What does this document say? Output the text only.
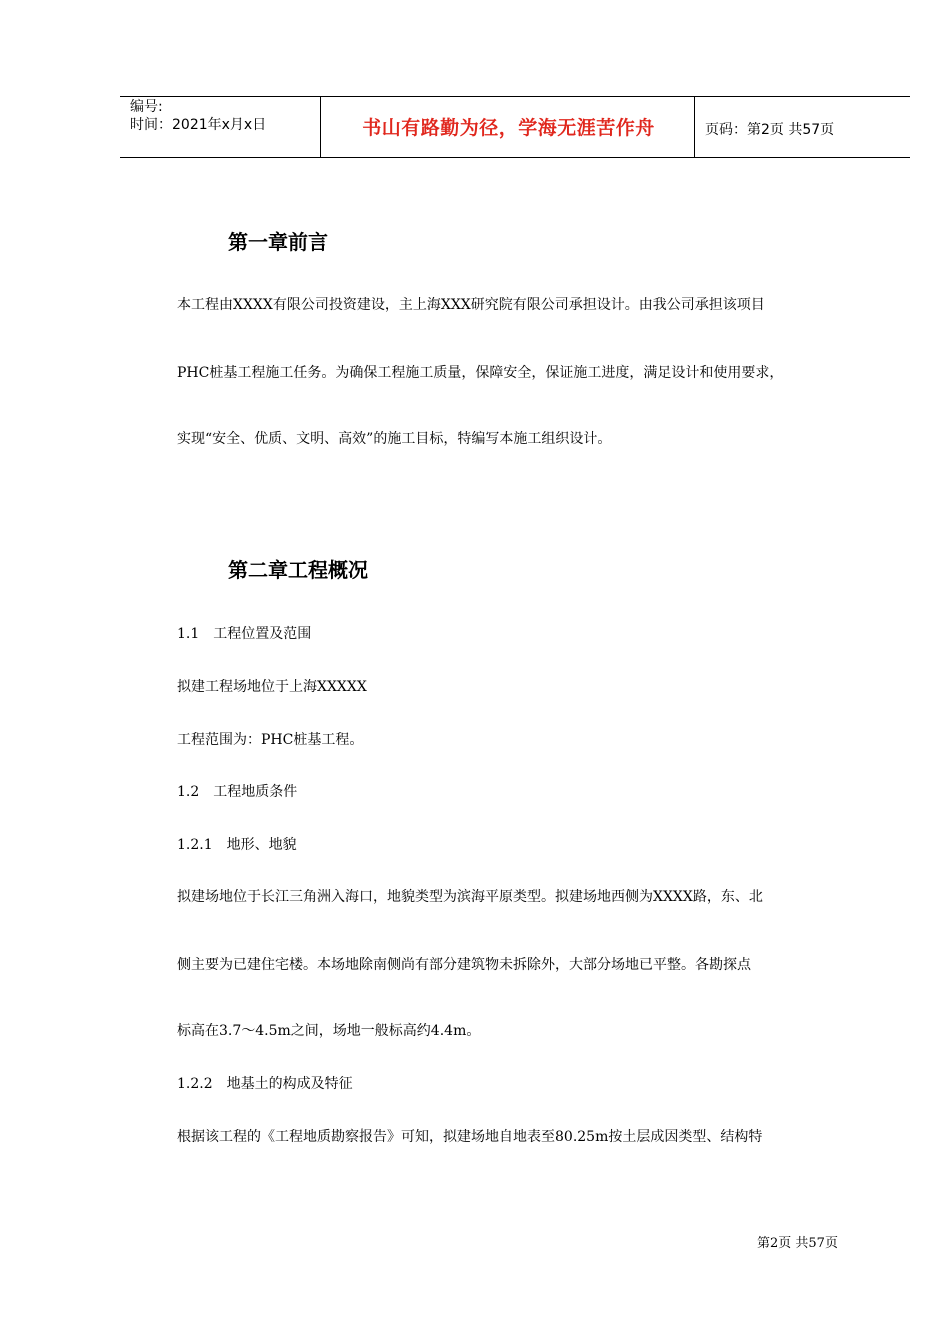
编号:
时间：2021年x月x日	书山有路勤为径，学海无涯苦作舟	页码：第2页 共57页
第一章前言
本工程由XXXX有限公司投资建设，主上海XXX研究院有限公司承担设计。由我公司承担该项目
PHC桩基工程施工任务。为确保工程施工质量，保障安全，保证施工进度，满足设计和使用要求，
实现“安全、优质、文明、高效”的施工目标，特编写本施工组织设计。
第二章工程概况
1.1　工程位置及范围
拟建工程场地位于上海XXXXX
工程范围为：PHC桩基工程。
1.2　工程地质条件
1.2.1　地形、地貌
拟建场地位于长江三角洲入海口，地貌类型为滨海平原类型。拟建场地西侧为XXXX路，东、北
侧主要为已建住宅楼。本场地除南侧尚有部分建筑物未拆除外，大部分场地已平整。各勘探点
标高在3.7～4.5m之间，场地一般标高约4.4m。
1.2.2　地基土的构成及特征
根据该工程的《工程地质勘察报告》可知，拟建场地自地表至80.25m按土层成因类型、结构特
第2页 共57页
